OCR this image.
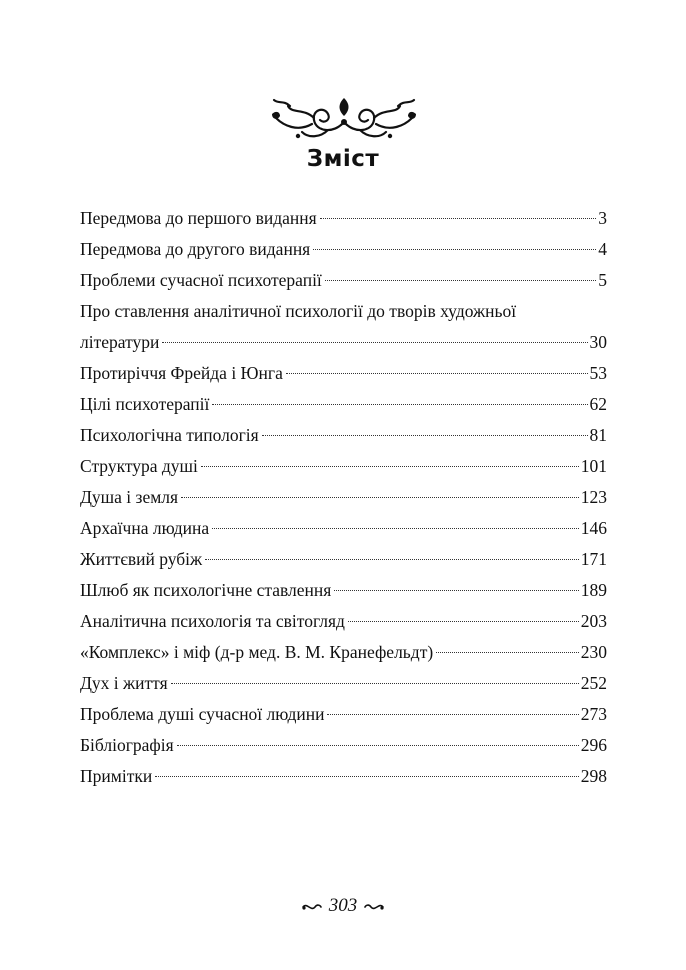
Зміст
Передмова до першого видання	3
Передмова до другого видання	4
Проблеми сучасної психотерапії	5
Про ставлення аналітичної психології до творів художньої
літератури	30
Протиріччя Фрейда і Юнга	53
Цілі психотерапії	62
Психологічна типологія	81
Структура душі	101
Душа і земля	123
Архаїчна людина	146
Життєвий рубіж	171
Шлюб як психологічне ставлення	189
Аналітична психологія та світогляд	203
«Комплекс» і міф (д-р мед. В. М. Кранефельдт)	230
Дух і життя	252
Проблема душі сучасної людини	273
Бібліографія	296
Примітки	298
303
